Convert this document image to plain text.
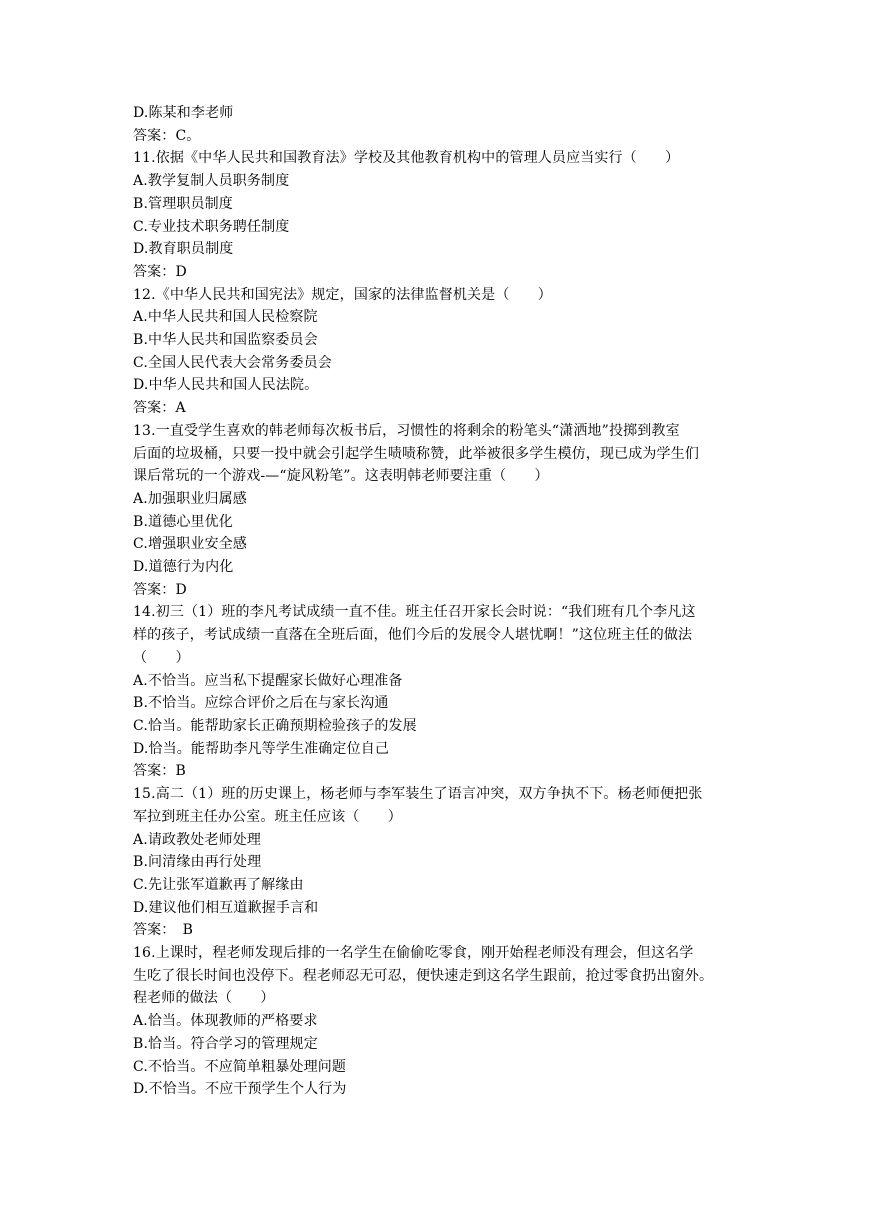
D.陈某和李老师
答案：C。
11.依据《中华人民共和国教育法》学校及其他教育机构中的管理人员应当实行（　　）
A.教学复制人员职务制度
B.管理职员制度
C.专业技术职务聘任制度
D.教育职员制度
答案：D
12.《中华人民共和国宪法》规定，国家的法律监督机关是（　　）
A.中华人民共和国人民检察院
B.中华人民共和国监察委员会
C.全国人民代表大会常务委员会
D.中华人民共和国人民法院。
答案：A
13.一直受学生喜欢的韩老师每次板书后，习惯性的将剩余的粉笔头“潇洒地”投掷到教室
后面的垃圾桶，只要一投中就会引起学生啧啧称赞，此举被很多学生模仿，现已成为学生们
课后常玩的一个游戏-—“旋风粉笔”。这表明韩老师要注重（　　）
A.加强职业归属感
B.道德心里优化
C.增强职业安全感
D.道德行为内化
答案：D
14.初三（1）班的李凡考试成绩一直不佳。班主任召开家长会时说：“我们班有几个李凡这
样的孩子，考试成绩一直落在全班后面，他们今后的发展令人堪忧啊！”这位班主任的做法
（　　）
A.不恰当。应当私下提醒家长做好心理准备
B.不恰当。应综合评价之后在与家长沟通
C.恰当。能帮助家长正确预期检验孩子的发展
D.恰当。能帮助李凡等学生准确定位自己
答案：B
15.高二（1）班的历史课上，杨老师与李军装生了语言冲突，双方争执不下。杨老师便把张
军拉到班主任办公室。班主任应该（　　）
A.请政教处老师处理
B.问清缘由再行处理
C.先让张军道歉再了解缘由
D.建议他们相互道歉握手言和
答案：　B
16.上课时，程老师发现后排的一名学生在偷偷吃零食，刚开始程老师没有理会，但这名学
生吃了很长时间也没停下。程老师忍无可忍，便快速走到这名学生跟前，抢过零食扔出窗外。
程老师的做法（　　）
A.恰当。体现教师的严格要求
B.恰当。符合学习的管理规定
C.不恰当。不应简单粗暴处理问题
D.不恰当。不应干预学生个人行为
